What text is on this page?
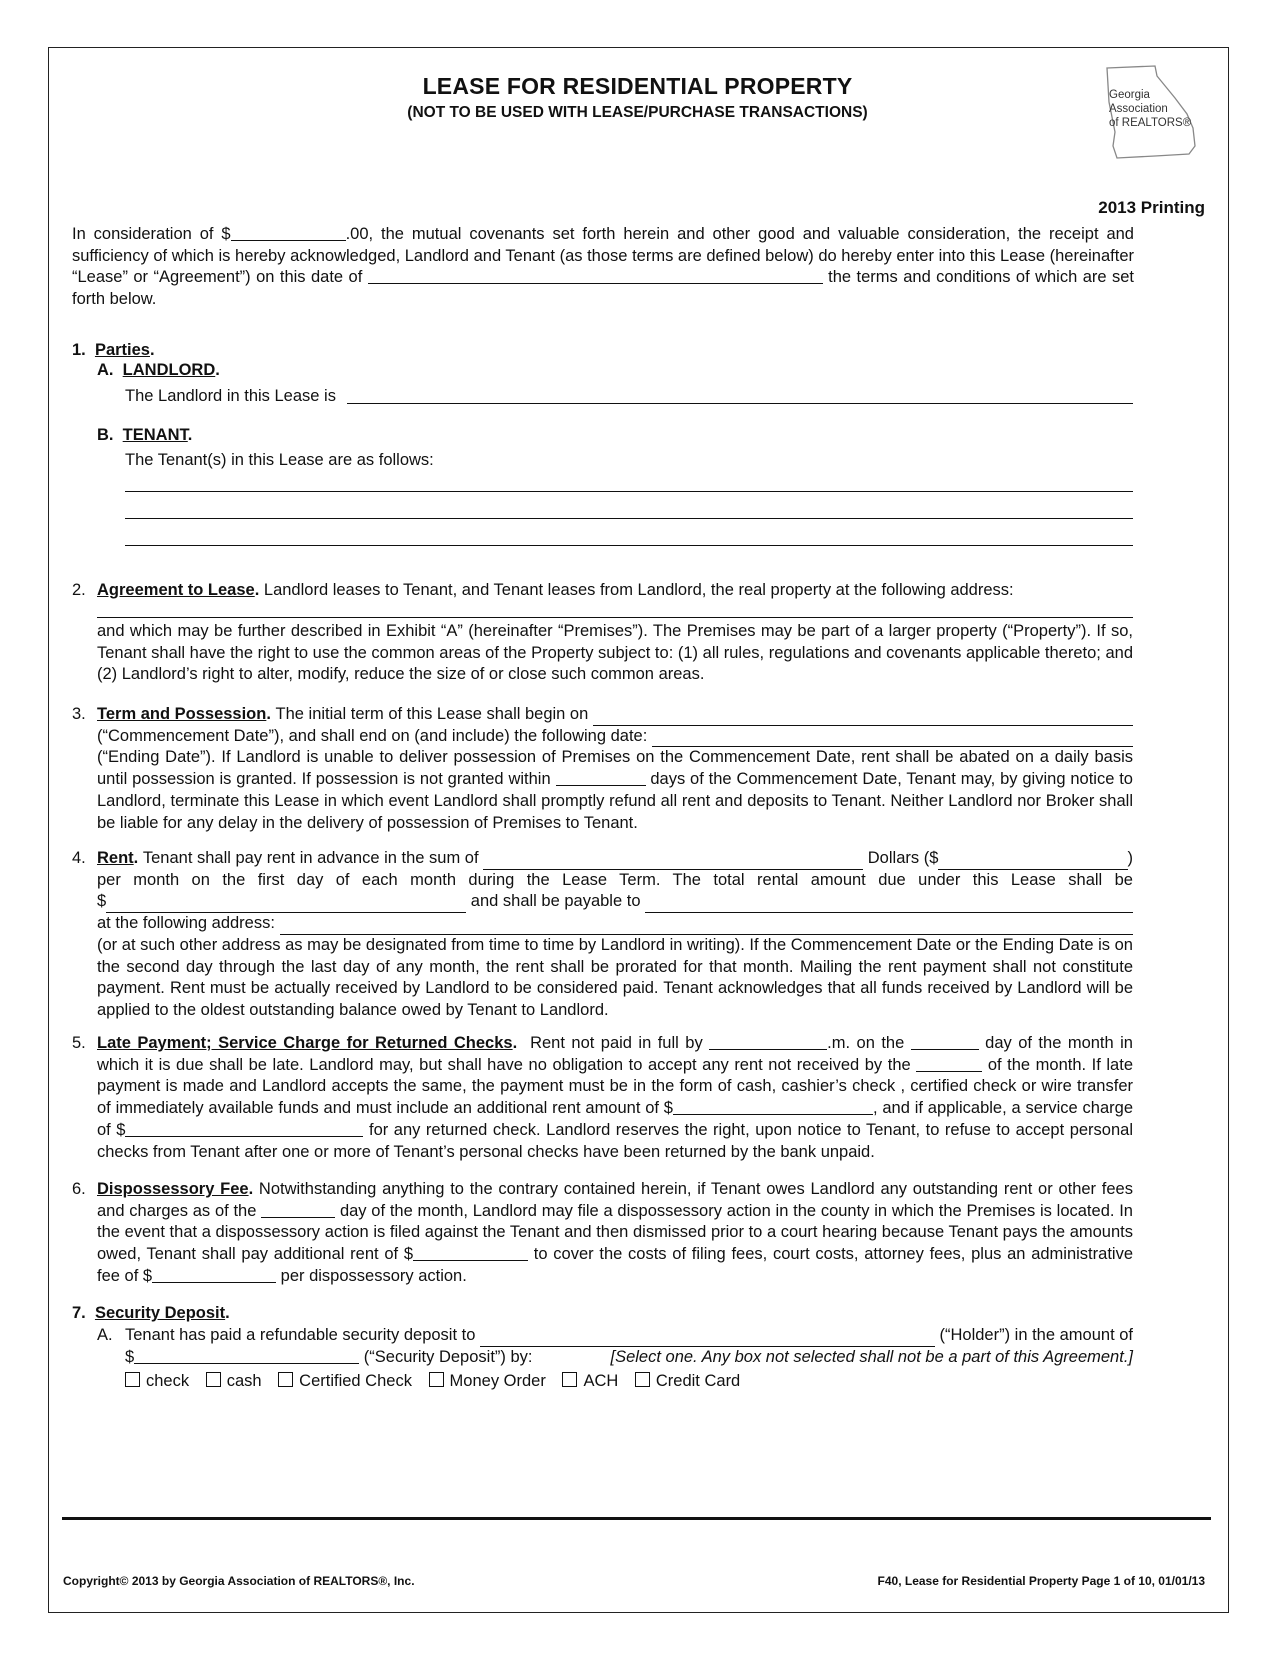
LEASE FOR RESIDENTIAL PROPERTY
(NOT TO BE USED WITH LEASE/PURCHASE TRANSACTIONS)
Georgia
Association
of REALTORS®
2013 Printing
In consideration of $	.00, the mutual covenants set forth herein and other good and valuable consideration, the receipt and sufficiency of which is hereby acknowledged, Landlord and Tenant (as those terms are defined below) do hereby enter into this Lease (hereinafter “Lease” or “Agreement”) on this date of	the terms and conditions of which are set forth below.
1. Parties.
A. LANDLORD.
The Landlord in this Lease is
B. TENANT.
The Tenant(s) in this Lease are as follows:
2. Agreement to Lease. Landlord leases to Tenant, and Tenant leases from Landlord, the real property at the following address:
and which may be further described in Exhibit “A” (hereinafter “Premises”). The Premises may be part of a larger property (“Property”). If so, Tenant shall have the right to use the common areas of the Property subject to: (1) all rules, regulations and covenants applicable thereto; and (2) Landlord’s right to alter, modify, reduce the size of or close such common areas.
3. Term and Possession .
The initial term of this Lease shall begin on

(“Commencement Date”), and shall end on (and include) the following date:

(“Ending Date”). If Landlord is unable to deliver possession of Premises on the Commencement Date, rent shall be abated on a daily basis until possession is granted. If possession is not granted within	days of the Commencement Date, Tenant may, by giving notice to Landlord, terminate this Lease in which event Landlord shall promptly refund all rent and deposits to Tenant. Neither Landlord nor Broker shall be liable for any delay in the delivery of possession of Premises to Tenant.
4. Rent .
Tenant shall pay rent in advance in the sum of

	Dollars ($	)
per month on the first day of each month during the Lease Term. The total rental amount due under this Lease shall be
$
	and shall be payable to

at the following address:

(or at such other address as may be designated from time to time by Landlord in writing). If the Commencement Date or the Ending Date is on the second day through the last day of any month, the rent shall be prorated for that month. Mailing the rent payment shall not constitute payment. Rent must be actually received by Landlord to be considered paid. Tenant acknowledges that all funds received by Landlord will be applied to the oldest outstanding balance owed by Tenant to Landlord.
5. Late Payment; Service Charge for Returned Checks. Rent not paid in full by	.m. on the	day of the month in which it is due shall be late. Landlord may, but shall have no obligation to accept any rent not received by the	of the month. If late payment is made and Landlord accepts the same, the payment must be in the form of cash, cashier’s check , certified check or wire transfer of immediately available funds and must include an additional rent amount of $	, and if applicable, a service charge of $	for any returned check. Landlord reserves the right, upon notice to Tenant, to refuse to accept personal checks from Tenant after one or more of Tenant’s personal checks have been returned by the bank unpaid.
6. Dispossessory Fee. Notwithstanding anything to the contrary contained herein, if Tenant owes Landlord any outstanding rent or other fees and charges as of the	day of the month, Landlord may file a dispossessory action in the county in which the Premises is located. In the event that a dispossessory action is filed against the Tenant and then dismissed prior to a court hearing because Tenant pays the amounts owed, Tenant shall pay additional rent of $	to cover the costs of filing fees, court costs, attorney fees, plus an administrative fee of $	per dispossessory action.
7. Security Deposit.
A. Tenant has paid a refundable security deposit to

	(“Holder”) in the amount of
$	(“Security Deposit”) by:	[Select one. Any box not selected shall not be a part of this Agreement.]
check cash Certified Check Money Order ACH Credit Card
Copyright© 2013 by Georgia Association of REALTORS®, Inc.	F40, Lease for Residential Property Page 1 of 10, 01/01/13
